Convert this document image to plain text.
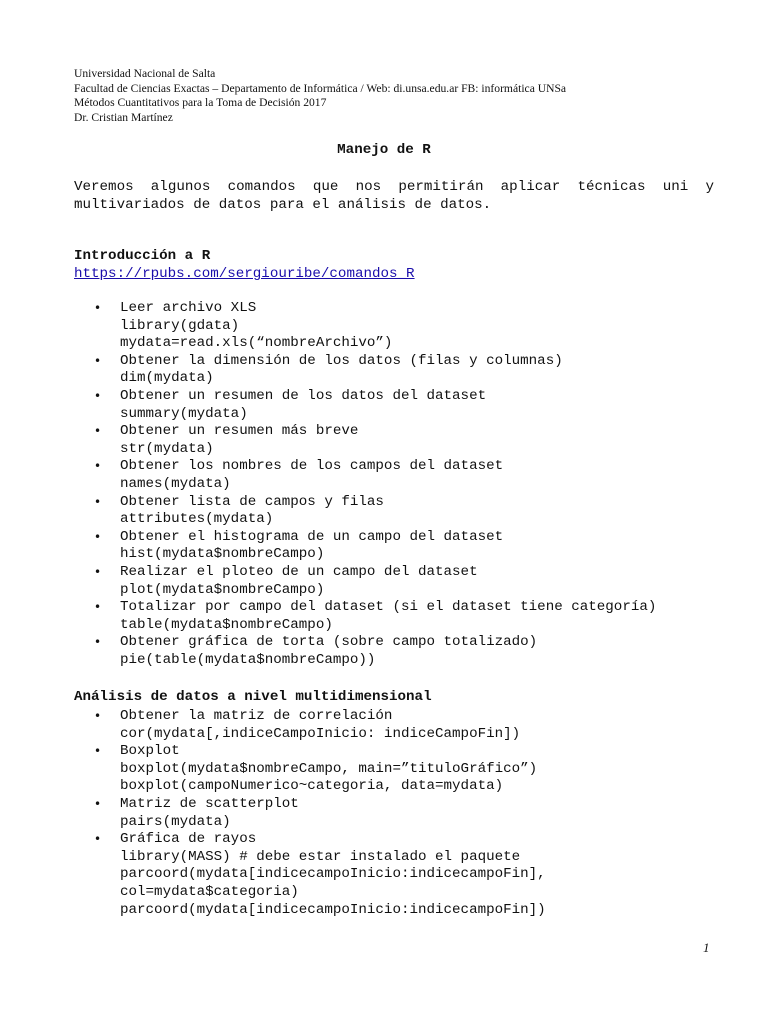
Universidad Nacional de Salta
Facultad de Ciencias Exactas – Departamento de Informática / Web: di.unsa.edu.ar FB: informática UNSa
Métodos Cuantitativos para la Toma de Decisión 2017
Dr. Cristian Martínez
Manejo de R
Veremos algunos comandos que nos permitirán aplicar técnicas uni y
multivariados de datos para el análisis de datos.
Introducción a R
https://rpubs.com/sergiouribe/comandos_R
• Leer archivo XLS
library(gdata)
mydata=read.xls(“nombreArchivo”)
• Obtener la dimensión de los datos (filas y columnas)
dim(mydata)
• Obtener un resumen de los datos del dataset
summary(mydata)
• Obtener un resumen más breve
str(mydata)
• Obtener los nombres de los campos del dataset
names(mydata)
• Obtener lista de campos y filas
attributes(mydata)
• Obtener el histograma de un campo del dataset
hist(mydata$nombreCampo)
• Realizar el ploteo de un campo del dataset
plot(mydata$nombreCampo)
• Totalizar por campo del dataset (si el dataset tiene categoría)
table(mydata$nombreCampo)
• Obtener gráfica de torta (sobre campo totalizado)
pie(table(mydata$nombreCampo))
Análisis de datos a nivel multidimensional
• Obtener la matriz de correlación
cor(mydata[,indiceCampoInicio: indiceCampoFin])
• Boxplot
boxplot(mydata$nombreCampo, main=”tituloGráfico”)
boxplot(campoNumerico~categoria, data=mydata)
• Matriz de scatterplot
pairs(mydata)
• Gráfica de rayos
library(MASS) # debe estar instalado el paquete
parcoord(mydata[indicecampoInicio:indicecampoFin],
col=mydata$categoria)
parcoord(mydata[indicecampoInicio:indicecampoFin])
1
